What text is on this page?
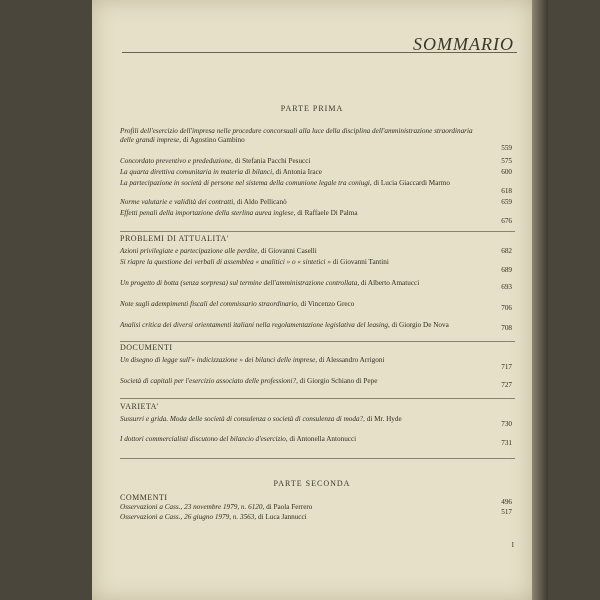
SOMMARIO
PARTE PRIMA
Profili dell'esercizio dell'impresa nelle procedure concorsuali alla luce della disciplina dell'amministrazione straordinaria delle grandi imprese, di Agostino Gambino
559
Concordato preventivo e prededuzione, di Stefania Pacchi Pesucci	575
La quarta direttiva comunitaria in materia di bilanci, di Antonia Irace	600
La partecipazione in società di persone nel sistema della comunione legale tra coniugi, di Lucia Giaccardi Marmo
618
Norme valutarie e validità dei contratti, di Aldo Pellicanò	659
Effetti penali della importazione della sterlina aurea inglese, di Raffaele Di Palma
676
PROBLEMI DI ATTUALITA'
Azioni privilegiate e partecipazione alle perdite, di Giovanni Caselli	682
Si riapre la questione dei verbali di assemblea « analitici » o « sintetici » di Giovanni Tantini
689
Un progetto di botta (senza sorpresa) sul termine dell'amministrazione controllata, di Alberto Amatucci	693
Note sugli adempimenti fiscali del commissario straordinario, di Vincenzo Greco	706
Analisi critica dei diversi orientamenti italiani nella regolamentazione legislativa del leasing, di Giorgio De Nova	708
DOCUMENTI
Un disegno di legge sull'« indicizzazione » dei bilanci delle imprese, di Alessandro Arrigoni
717
Società di capitali per l'esercizio associato delle professioni?, di Giorgio Schiano di Pepe	727
VARIETA'
Sussurri e grida. Moda delle società di consulenza o società di consulenza di moda?, di Mr. Hyde
730
I dottori commercialisti discutono del bilancio d'esercizio, di Antonella Antonucci	731
PARTE SECONDA
COMMENTI
Osservazioni a Cass., 23 novembre 1979, n. 6120, di Paola Ferrero
496
Osservazioni a Cass., 26 giugno 1979, n. 3563, di Luca Jannucci
517
I
